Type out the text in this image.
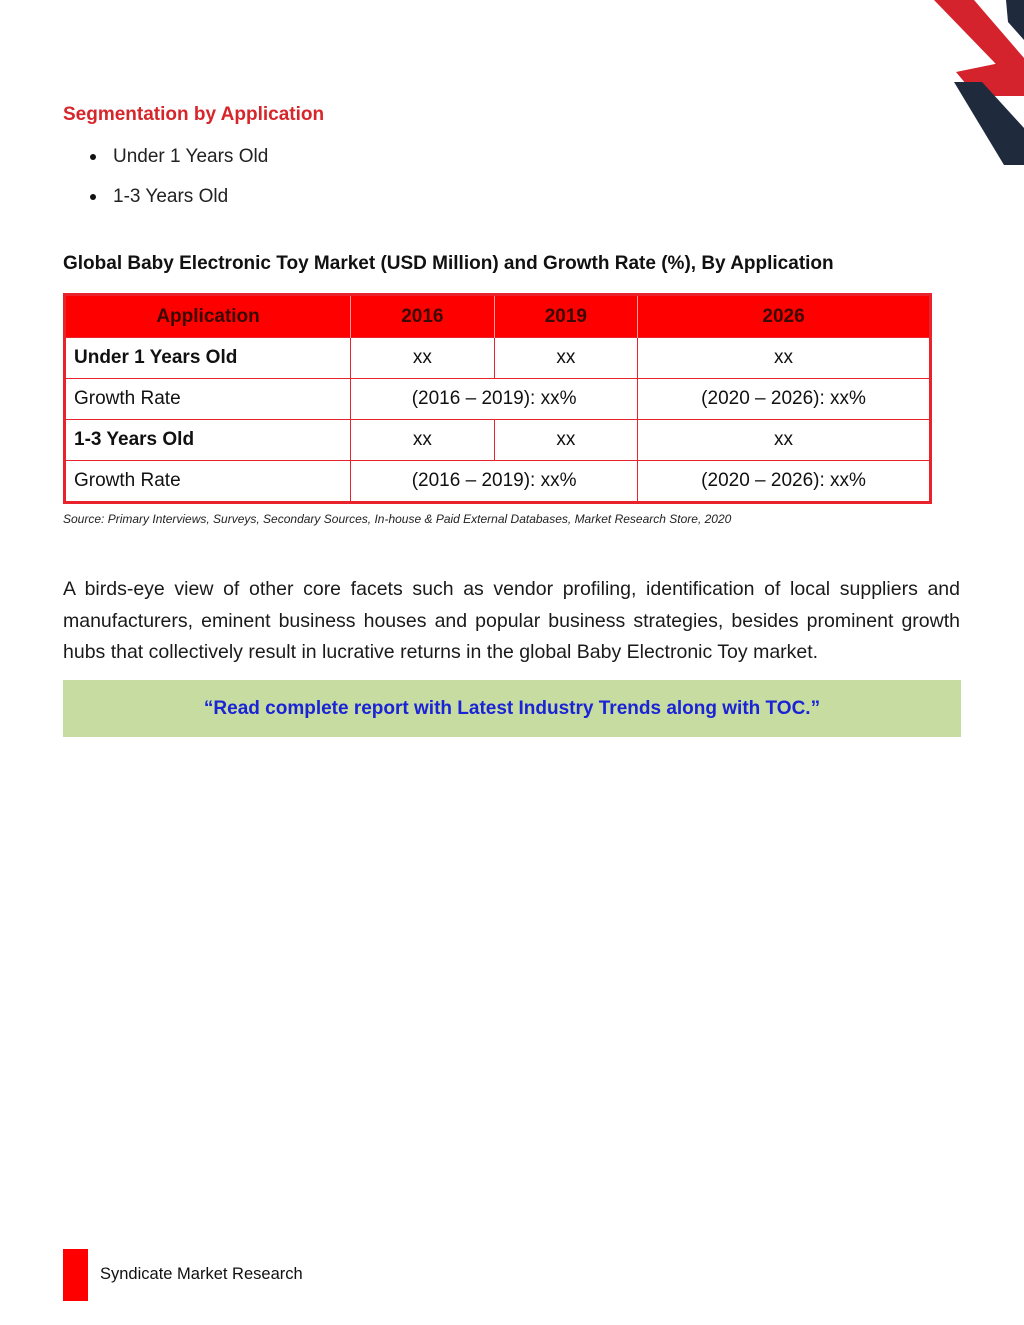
Segmentation by Application
Under 1 Years Old
1-3 Years Old
Global Baby Electronic Toy Market (USD Million) and Growth Rate (%), By Application
Application	2016	2019	2026
Under 1 Years Old	xx	xx	xx
Growth Rate	(2016 – 2019): xx%		(2020 – 2026): xx%
1-3 Years Old	xx	xx	xx
Growth Rate	(2016 – 2019): xx%		(2020 – 2026): xx%

Source: Primary Interviews, Surveys, Secondary Sources, In-house & Paid External Databases, Market Research Store, 2020

A birds-eye view of other core facets such as vendor profiling, identification of local suppliers and manufacturers, eminent business houses and popular business strategies, besides prominent growth hubs that collectively result in lucrative returns in the global Baby Electronic Toy market.

“Read complete report with Latest Industry Trends along with TOC.”

Syndicate Market Research
